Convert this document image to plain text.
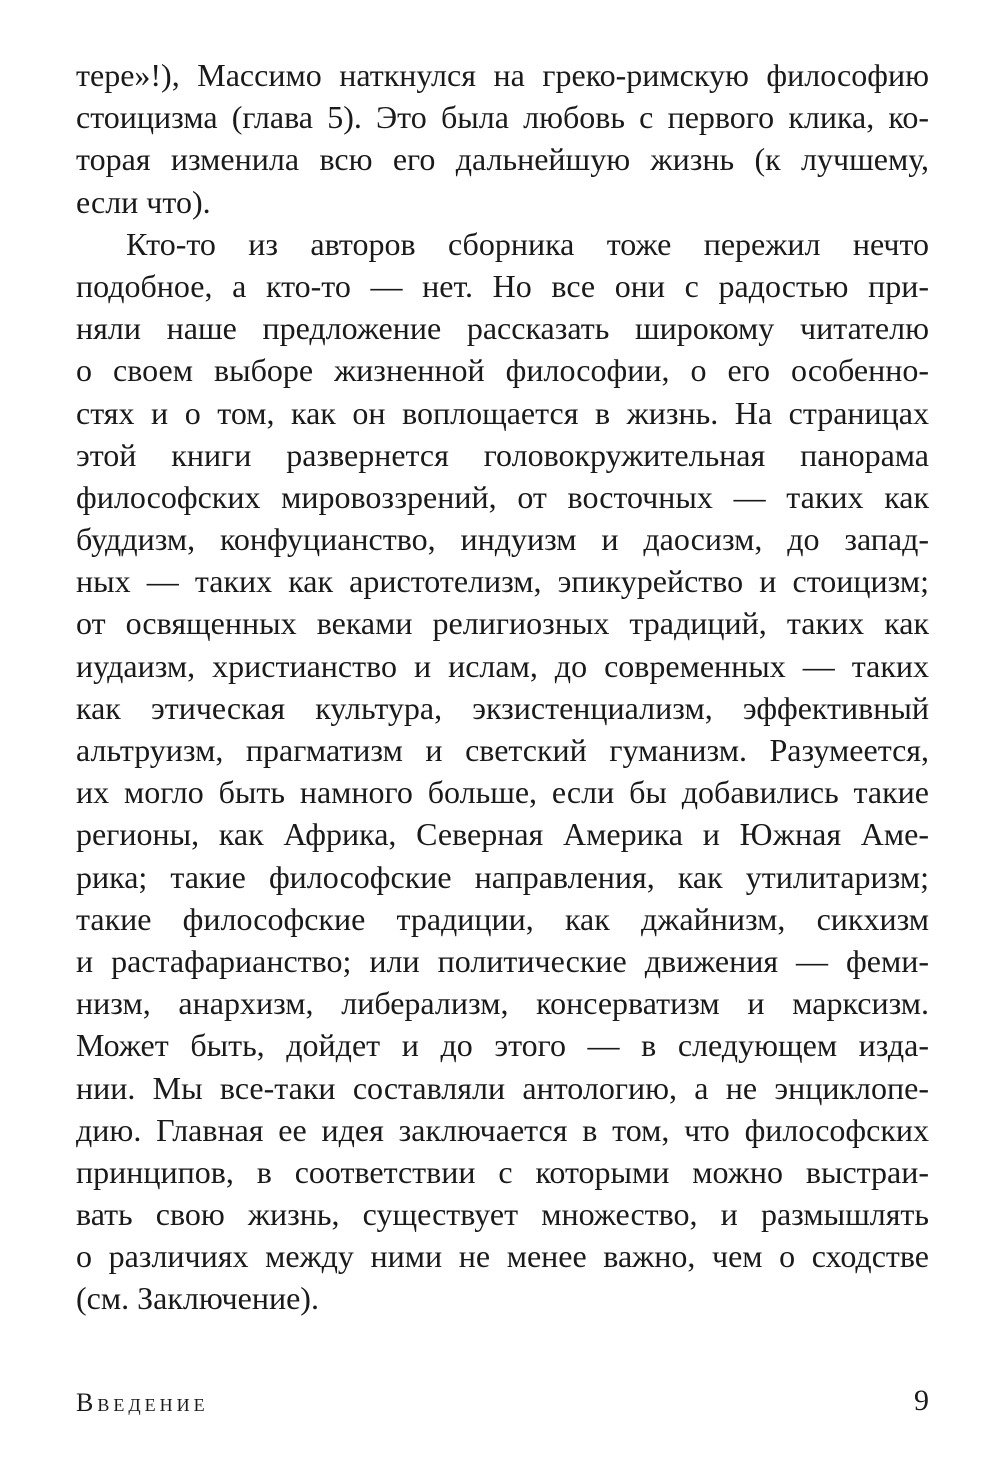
тере»!), Массимо наткнулся на греко-римскую философию
стоицизма (глава 5). Это была любовь с первого клика, ко-
торая изменила всю его дальнейшую жизнь (к лучшему,
если что).
Кто-то из авторов сборника тоже пережил нечто
подобное, а кто-то — нет. Но все они с радостью при-
няли наше предложение рассказать широкому читателю
о своем выборе жизненной философии, о его особенно-
стях и о том, как он воплощается в жизнь. На страницах
этой книги развернется головокружительная панорама
философских мировоззрений, от восточных — таких как
буддизм, конфуцианство, индуизм и даосизм, до запад-
ных — таких как аристотелизм, эпикурейство и стоицизм;
от освященных веками религиозных традиций, таких как
иудаизм, христианство и ислам, до современных — таких
как этическая культура, экзистенциализм, эффективный
альтруизм, прагматизм и светский гуманизм. Разумеется,
их могло быть намного больше, если бы добавились такие
регионы, как Африка, Северная Америка и Южная Аме-
рика; такие философские направления, как утилитаризм;
такие философские традиции, как джайнизм, сикхизм
и растафарианство; или политические движения — феми-
низм, анархизм, либерализм, консерватизм и марксизм.
Может быть, дойдет и до этого — в следующем изда-
нии. Мы все-таки составляли антологию, а не энциклопе-
дию. Главная ее идея заключается в том, что философских
принципов, в соответствии с которыми можно выстраи-
вать свою жизнь, существует множество, и размышлять
о различиях между ними не менее важно, чем о сходстве
(см. Заключение).
Введение	9
